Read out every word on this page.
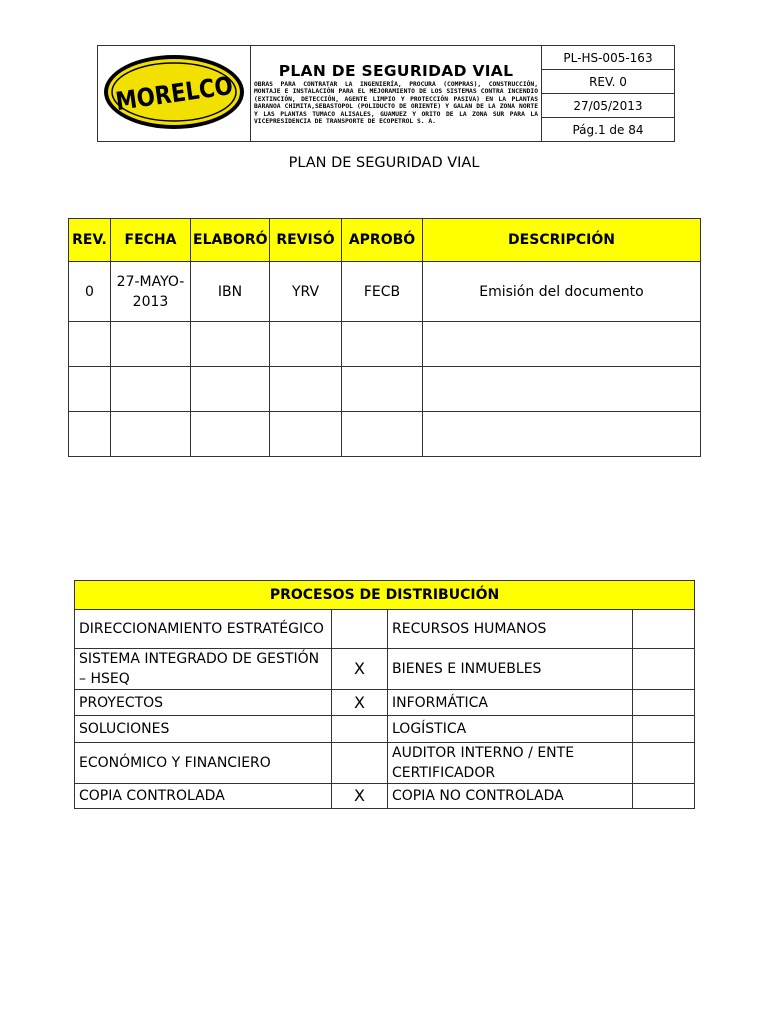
MORELCO	PLAN DE SEGURIDAD VIAL
OBRAS PARA CONTRATAR LA INGENIERÍA, PROCURA (COMPRAS), CONSTRUCCIÓN, MONTAJE E INSTALACIÓN PARA EL MEJORAMIENTO DE LOS SISTEMAS CONTRA INCENDIO (EXTINCIÓN, DETECCIÓN, AGENTE LIMPIO Y PROTECCIÓN PASIVA) EN LA PLANTAS BARANOA CHIMITA,SEBASTOPOL (POLIDUCTO DE ORIENTE) Y GALAN DE LA ZONA NORTE Y LAS PLANTAS TUMACO ALISALES, GUAMUEZ Y ORITO DE LA ZONA SUR PARA LA VICEPRESIDENCIA DE TRANSPORTE DE ECOPETROL S. A.
	PL-HS-005-163
REV. 0
27/05/2013
Pág.1 de 84
PLAN DE SEGURIDAD VIAL
REV.	FECHA	ELABORÓ	REVISÓ	APROBÓ	DESCRIPCIÓN
0	27-MAYO-2013	IBN	YRV	FECB	Emisión del documento

PROCESOS DE DISTRIBUCIÓN			
DIRECCIONAMIENTO ESTRATÉGICO		RECURSOS HUMANOS	
SISTEMA INTEGRADO DE GESTIÓN – HSEQ	X	BIENES E INMUEBLES	
PROYECTOS	X	INFORMÁTICA	
SOLUCIONES		LOGÍSTICA	
ECONÓMICO Y FINANCIERO		AUDITOR INTERNO / ENTE CERTIFICADOR	
COPIA CONTROLADA	X	COPIA NO CONTROLADA	
